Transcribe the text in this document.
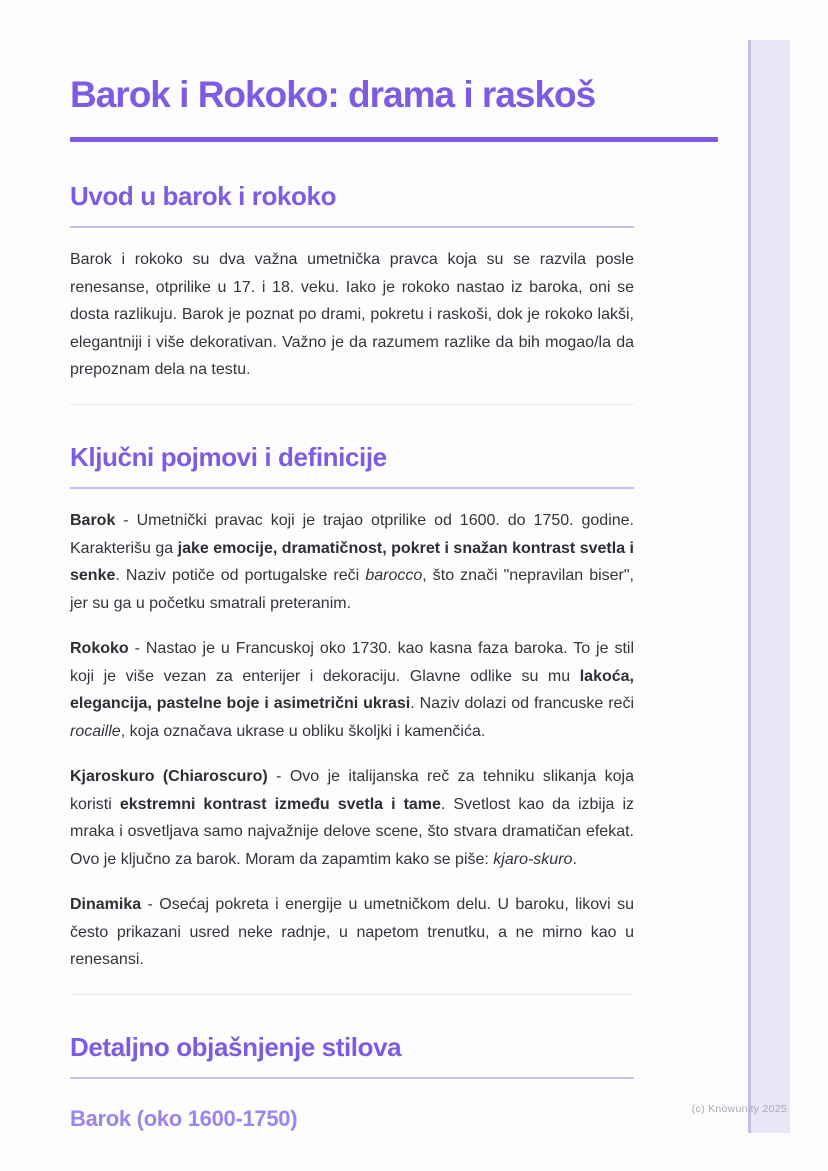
Barok i Rokoko: drama i raskoš
Uvod u barok i rokoko

Barok i rokoko su dva važna umetnička pravca koja su se razvila posle renesanse, otprilike u 17. i 18. veku. Iako je rokoko nastao iz baroka, oni se dosta razlikuju. Barok je poznat po drami, pokretu i raskoši, dok je rokoko lakši, elegantniji i više dekorativan. Važno je da razumem razlike da bih mogao/la da prepoznam dela na testu.

Ključni pojmovi i definicije

Barok - Umetnički pravac koji je trajao otprilike od 1600. do 1750. godine. Karakterišu ga jake emocije, dramatičnost, pokret i snažan kontrast svetla i senke. Naziv potiče od portugalske reči barocco, što znači "nepravilan biser", jer su ga u početku smatrali preteranim.

Rokoko - Nastao je u Francuskoj oko 1730. kao kasna faza baroka. To je stil koji je više vezan za enterijer i dekoraciju. Glavne odlike su mu lakoća, elegancija, pastelne boje i asimetrični ukrasi. Naziv dolazi od francuske reči rocaille, koja označava ukrase u obliku školjki i kamenčića.

Kjaroskuro (Chiaroscuro) - Ovo je italijanska reč za tehniku slikanja koja koristi ekstremni kontrast između svetla i tame. Svetlost kao da izbija iz mraka i osvetljava samo najvažnije delove scene, što stvara dramatičan efekat. Ovo je ključno za barok. Moram da zapamtim kako se piše: kjaro-skuro.

Dinamika - Osećaj pokreta i energije u umetničkom delu. U baroku, likovi su često prikazani usred neke radnje, u napetom trenutku, a ne mirno kao u renesansi.

Detaljno objašnjenje stilova
Barok (oko 1600-1750)	(c) Knowunity 2025
